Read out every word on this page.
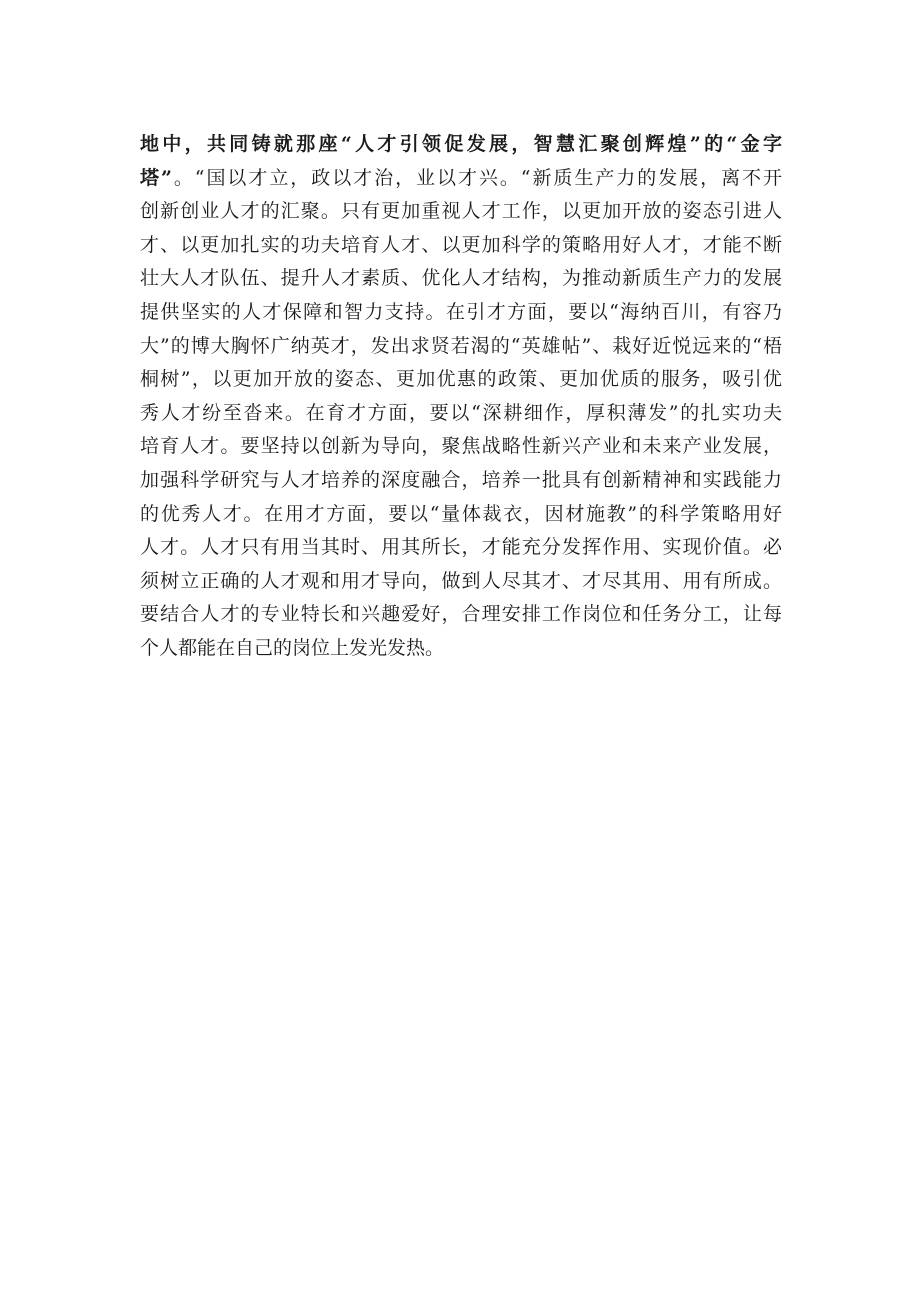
地中，共同铸就那座“人才引领促发展，智慧汇聚创辉煌”的“金字
塔”。“国以才立，政以才治，业以才兴。“新质生产力的发展，离不开
创新创业人才的汇聚。只有更加重视人才工作，以更加开放的姿态引进人
才、以更加扎实的功夫培育人才、以更加科学的策略用好人才，才能不断
壮大人才队伍、提升人才素质、优化人才结构，为推动新质生产力的发展
提供坚实的人才保障和智力支持。在引才方面，要以“海纳百川，有容乃
大”的博大胸怀广纳英才，发出求贤若渴的“英雄帖”、栽好近悦远来的“梧
桐树”，以更加开放的姿态、更加优惠的政策、更加优质的服务，吸引优
秀人才纷至沓来。在育才方面，要以“深耕细作，厚积薄发”的扎实功夫
培育人才。要坚持以创新为导向，聚焦战略性新兴产业和未来产业发展，
加强科学研究与人才培养的深度融合，培养一批具有创新精神和实践能力
的优秀人才。在用才方面，要以“量体裁衣，因材施教”的科学策略用好
人才。人才只有用当其时、用其所长，才能充分发挥作用、实现价值。必
须树立正确的人才观和用才导向，做到人尽其才、才尽其用、用有所成。
要结合人才的专业特长和兴趣爱好，合理安排工作岗位和任务分工，让每
个人都能在自己的岗位上发光发热。
